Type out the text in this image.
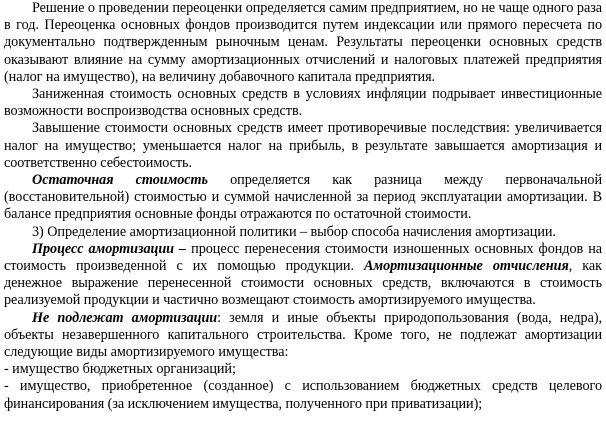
Решение о проведении переоценки определяется самим предприятием, но не чаще одного раза в год. Переоценка основных фондов производится путем индексации или прямого пересчета по документально подтвержденным рыночным ценам. Результаты переоценки основных средств оказывают влияние на сумму амортизационных отчислений и налоговых платежей предприятия (налог на имущество), на величину добавочного капитала предприятия.

Заниженная стоимость основных средств в условиях инфляции подрывает инвестиционные возможности воспроизводства основных средств.

Завышение стоимости основных средств имеет противоречивые последствия: увеличивается налог на имущество; уменьшается налог на прибыль, в результате завышается амортизация и соответственно себестоимость.

Остаточная стоимость определяется как разница между первоначальной (восстановительной) стоимостью и суммой начисленной за период эксплуатации амортизации. В балансе предприятия основные фонды отражаются по остаточной стоимости.

3) Определение амортизационной политики – выбор способа начисления амортизации.

Процесс амортизации – процесс перенесения стоимости изношенных основных фондов на стоимость произведенной с их помощью продукции. Амортизационные отчисления, как денежное выражение перенесенной стоимости основных средств, включаются в стоимость реализуемой продукции и частично возмещают стоимость амортизируемого имущества.

Не подлежат амортизации: земля и иные объекты природопользования (вода, недра), объекты незавершенного капитального строительства. Кроме того, не подлежат амортизации следующие виды амортизируемого имущества:

- имущество бюджетных организаций;

- имущество, приобретенное (созданное) с использованием бюджетных средств целевого финансирования (за исключением имущества, полученного при приватизации);
